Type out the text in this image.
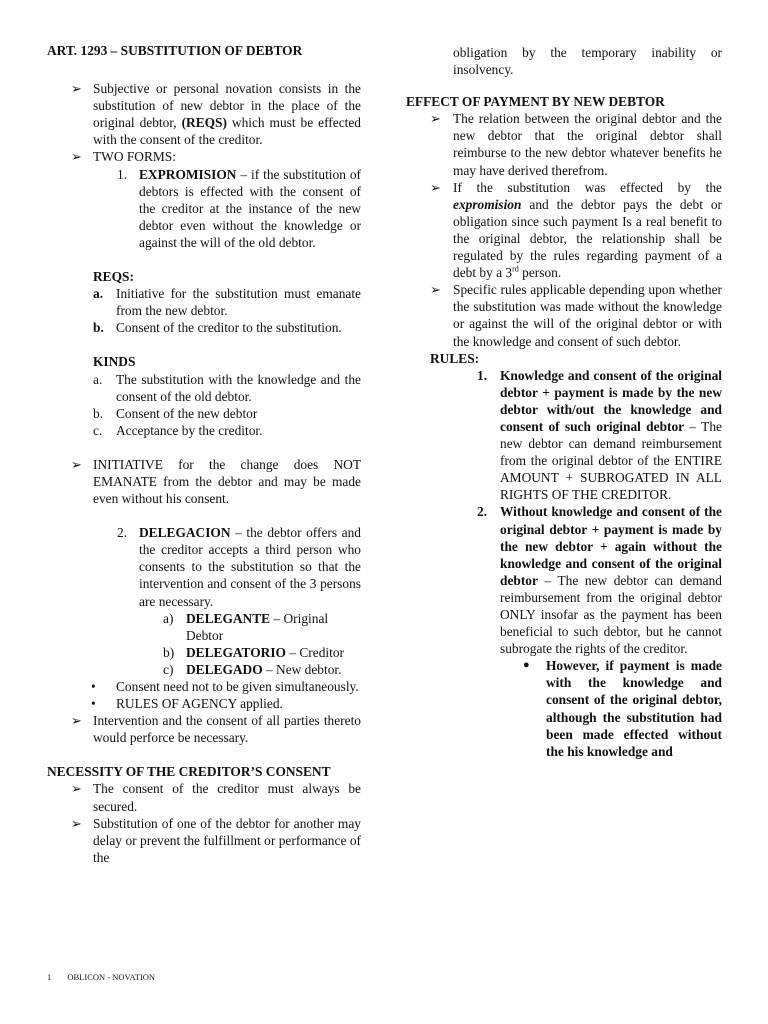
ART. 1293 – SUBSTITUTION OF DEBTOR

➢ Subjective or personal novation consists in the substitution of new debtor in the place of the original debtor, (REQS) which must be effected with the consent of the creditor.
➢ TWO FORMS:
1. EXPROMISION – if the substitution of debtors is effected with the consent of the creditor at the instance of the new debtor even without the knowledge or against the will of the old debtor.

REQS:

a. Initiative for the substitution must emanate from the new debtor.
b. Consent of the creditor to the substitution.

KINDS

a. The substitution with the knowledge and the consent of the old debtor.
b. Consent of the new debtor
c. Acceptance by the creditor.
➢ INITIATIVE for the change does NOT EMANATE from the debtor and may be made even without his consent.
2. DELEGACION – the debtor offers and the creditor accepts a third person who consents to the substitution so that the intervention and consent of the 3 persons are necessary.
a) DELEGANTE – Original Debtor
b) DELEGATORIO – Creditor
c) DELEGADO – New debtor.
• Consent need not to be given simultaneously.
• RULES OF AGENCY applied.
➢ Intervention and the consent of all parties thereto would perforce be necessary.

NECESSITY OF THE CREDITOR’S CONSENT

➢ The consent of the creditor must always be secured.
➢ Substitution of one of the debtor for another may delay or prevent the fulfillment or performance of the
obligation by the temporary inability or insolvency.

EFFECT OF PAYMENT BY NEW DEBTOR

➢ The relation between the original debtor and the new debtor that the original debtor shall reimburse to the new debtor whatever benefits he may have derived therefrom.
➢ If the substitution was effected by the expromision and the debtor pays the debt or obligation since such payment Is a real benefit to the original debtor, the relationship shall be regulated by the rules regarding payment of a debt by a 3rd person.
➢ Specific rules applicable depending upon whether the substitution was made without the knowledge or against the will of the original debtor or with the knowledge and consent of such debtor.

RULES:

1. Knowledge and consent of the original debtor + payment is made by the new debtor with/out the knowledge and consent of such original debtor – The new debtor can demand reimbursement from the original debtor of the ENTIRE AMOUNT + SUBROGATED IN ALL RIGHTS OF THE CREDITOR.
2. Without knowledge and consent of the original debtor + payment is made by the new debtor + again without the knowledge and consent of the original debtor – The new debtor can demand reimbursement from the original debtor ONLY insofar as the payment has been beneficial to such debtor, but he cannot subrogate the rights of the creditor.
● However, if payment is made with the knowledge and consent of the original debtor, although the substitution had been made effected without the his knowledge and
1 OBLICON - NOVATION
